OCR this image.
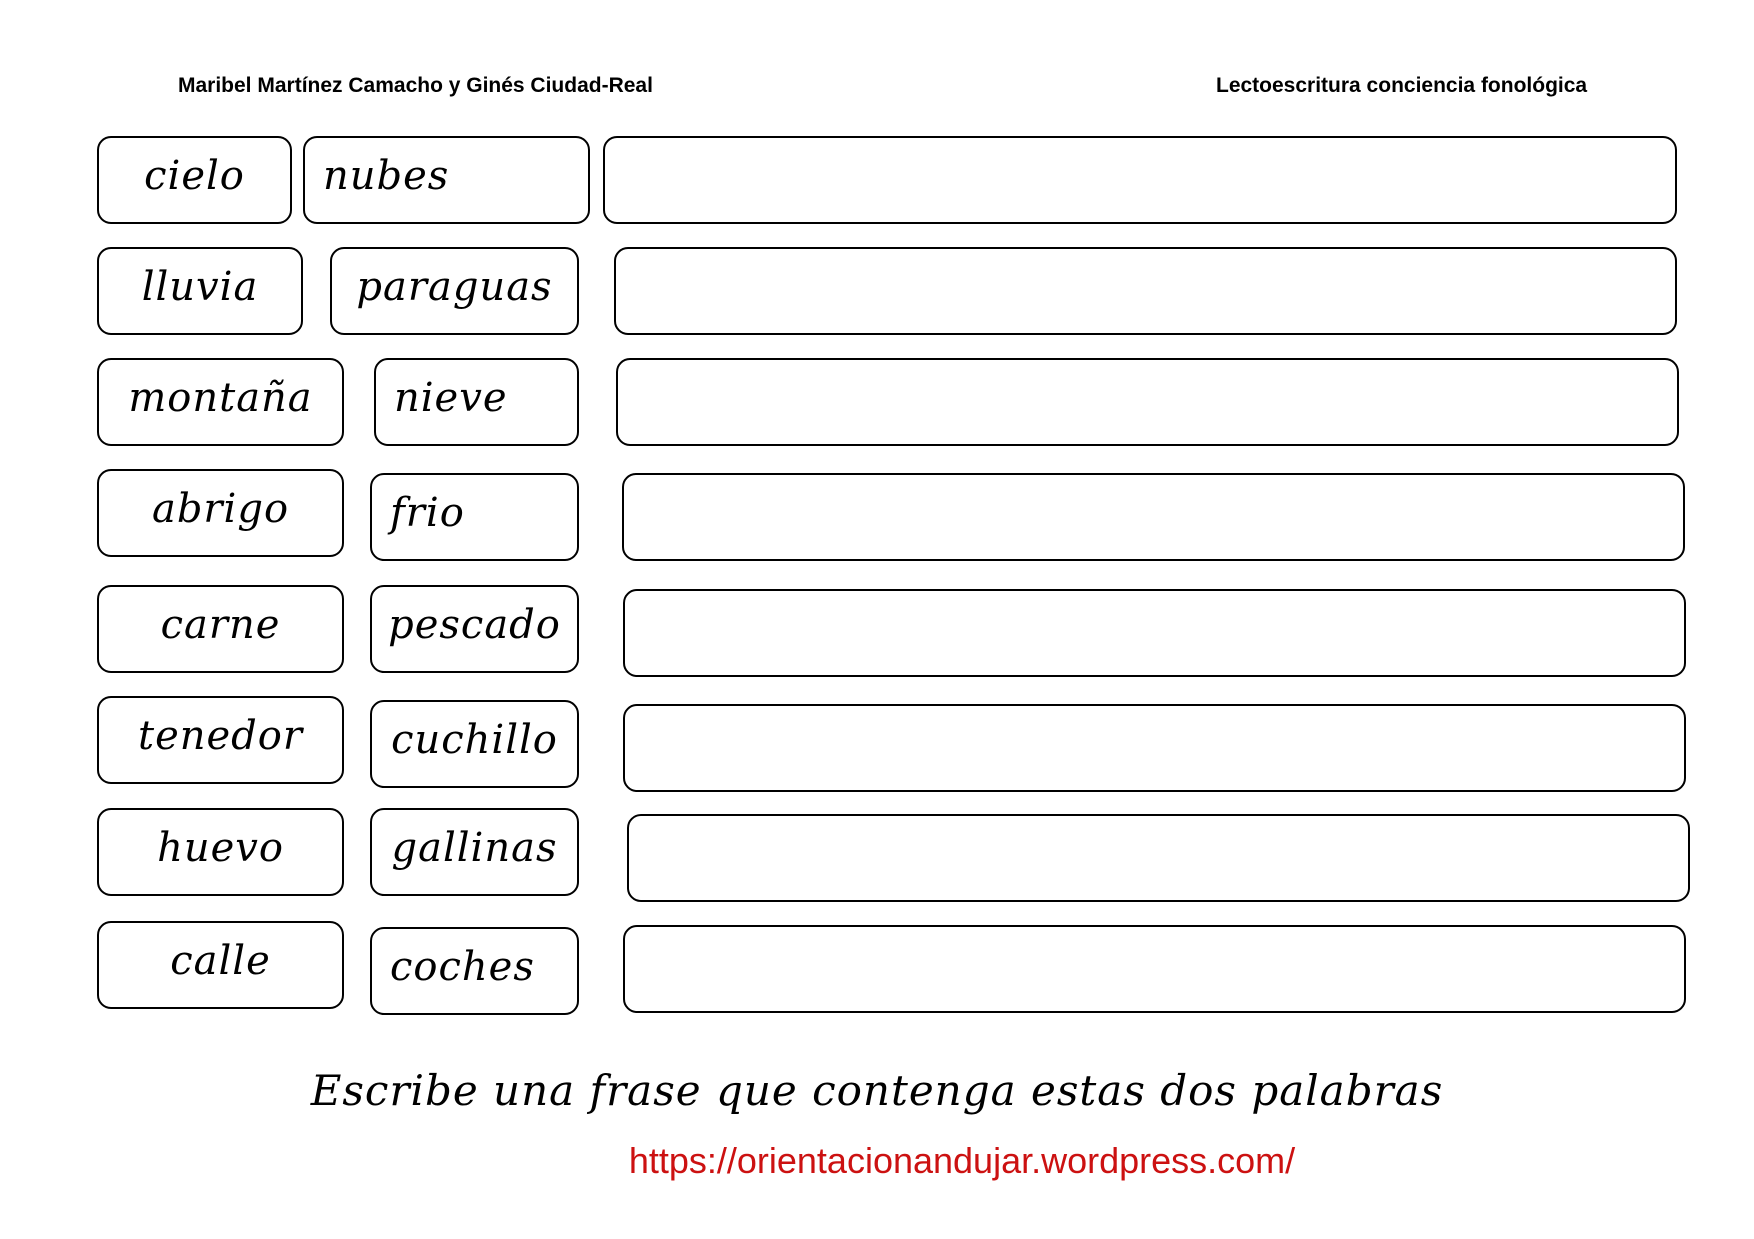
Maribel Martínez Camacho y Ginés Ciudad-Real	Lectoescritura conciencia fonológica
cielo	nubes
lluvia	paraguas
montaña	nieve
abrigo	frio
carne	pescado
tenedor	cuchillo
huevo	gallinas
calle	coches
Escribe una frase que contenga estas dos palabras
https://orientacionandujar.wordpress.com/
